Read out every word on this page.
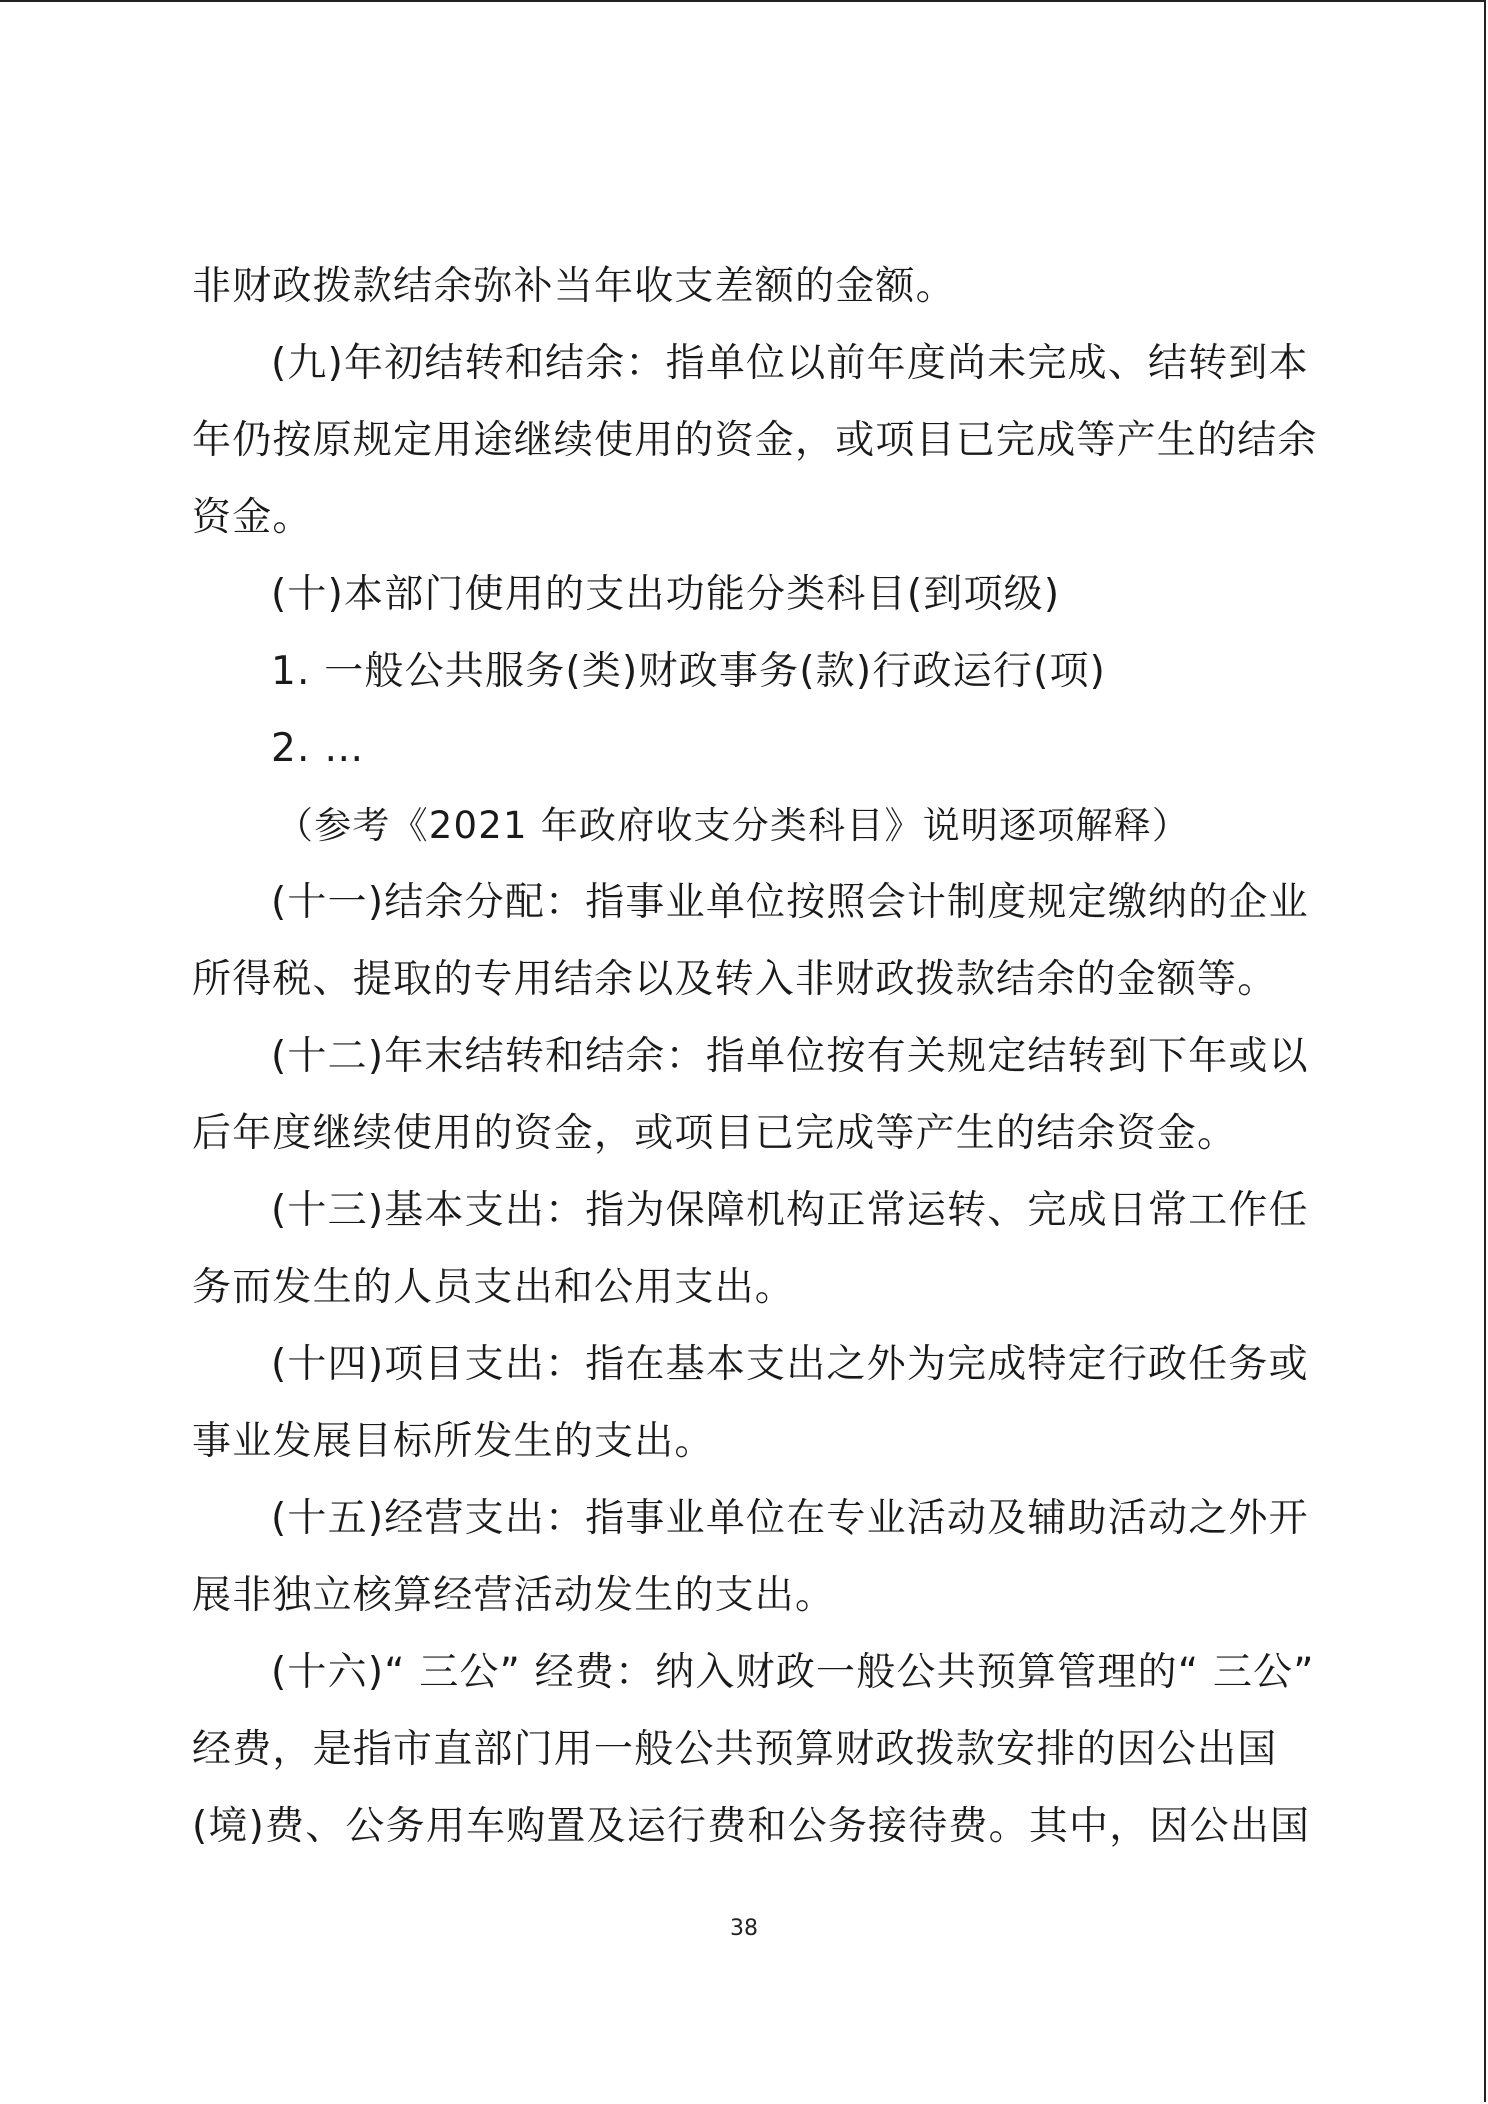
非财政拨款结余弥补当年收支差额的金额。
(九)年初结转和结余：指单位以前年度尚未完成、结转到本
年仍按原规定用途继续使用的资金，或项目已完成等产生的结余
资金。
(十)本部门使用的支出功能分类科目(到项级)
1. 一般公共服务(类)财政事务(款)行政运行(项)
2. …
（参考《2021 年政府收支分类科目》说明逐项解释）
(十一)结余分配：指事业单位按照会计制度规定缴纳的企业
所得税、提取的专用结余以及转入非财政拨款结余的金额等。
(十二)年末结转和结余：指单位按有关规定结转到下年或以
后年度继续使用的资金，或项目已完成等产生的结余资金。
(十三)基本支出：指为保障机构正常运转、完成日常工作任
务而发生的人员支出和公用支出。
(十四)项目支出：指在基本支出之外为完成特定行政任务或
事业发展目标所发生的支出。
(十五)经营支出：指事业单位在专业活动及辅助活动之外开
展非独立核算经营活动发生的支出。
(十六)“ 三公” 经费：纳入财政一般公共预算管理的“ 三公”
经费，是指市直部门用一般公共预算财政拨款安排的因公出国
(境)费、公务用车购置及运行费和公务接待费。其中，因公出国
38
